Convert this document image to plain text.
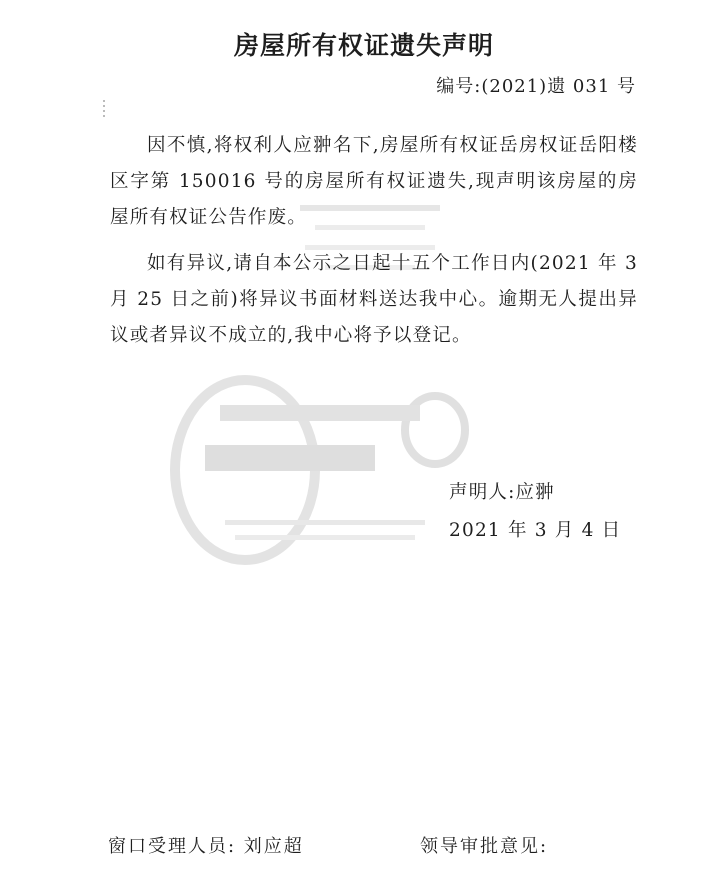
房屋所有权证遗失声明
编号:(2021)遗 031 号

因不慎,将权利人应翀名下,房屋所有权证岳房权证岳阳楼区字第 150016 号的房屋所有权证遗失,现声明该房屋的房屋所有权证公告作废。

如有异议,请自本公示之日起十五个工作日内(2021 年 3 月 25 日之前)将异议书面材料送达我中心。逾期无人提出异议或者异议不成立的,我中心将予以登记。

声明人:应翀
2021 年 3 月 4 日
窗口受理人员: 刘应超	领导审批意见:
